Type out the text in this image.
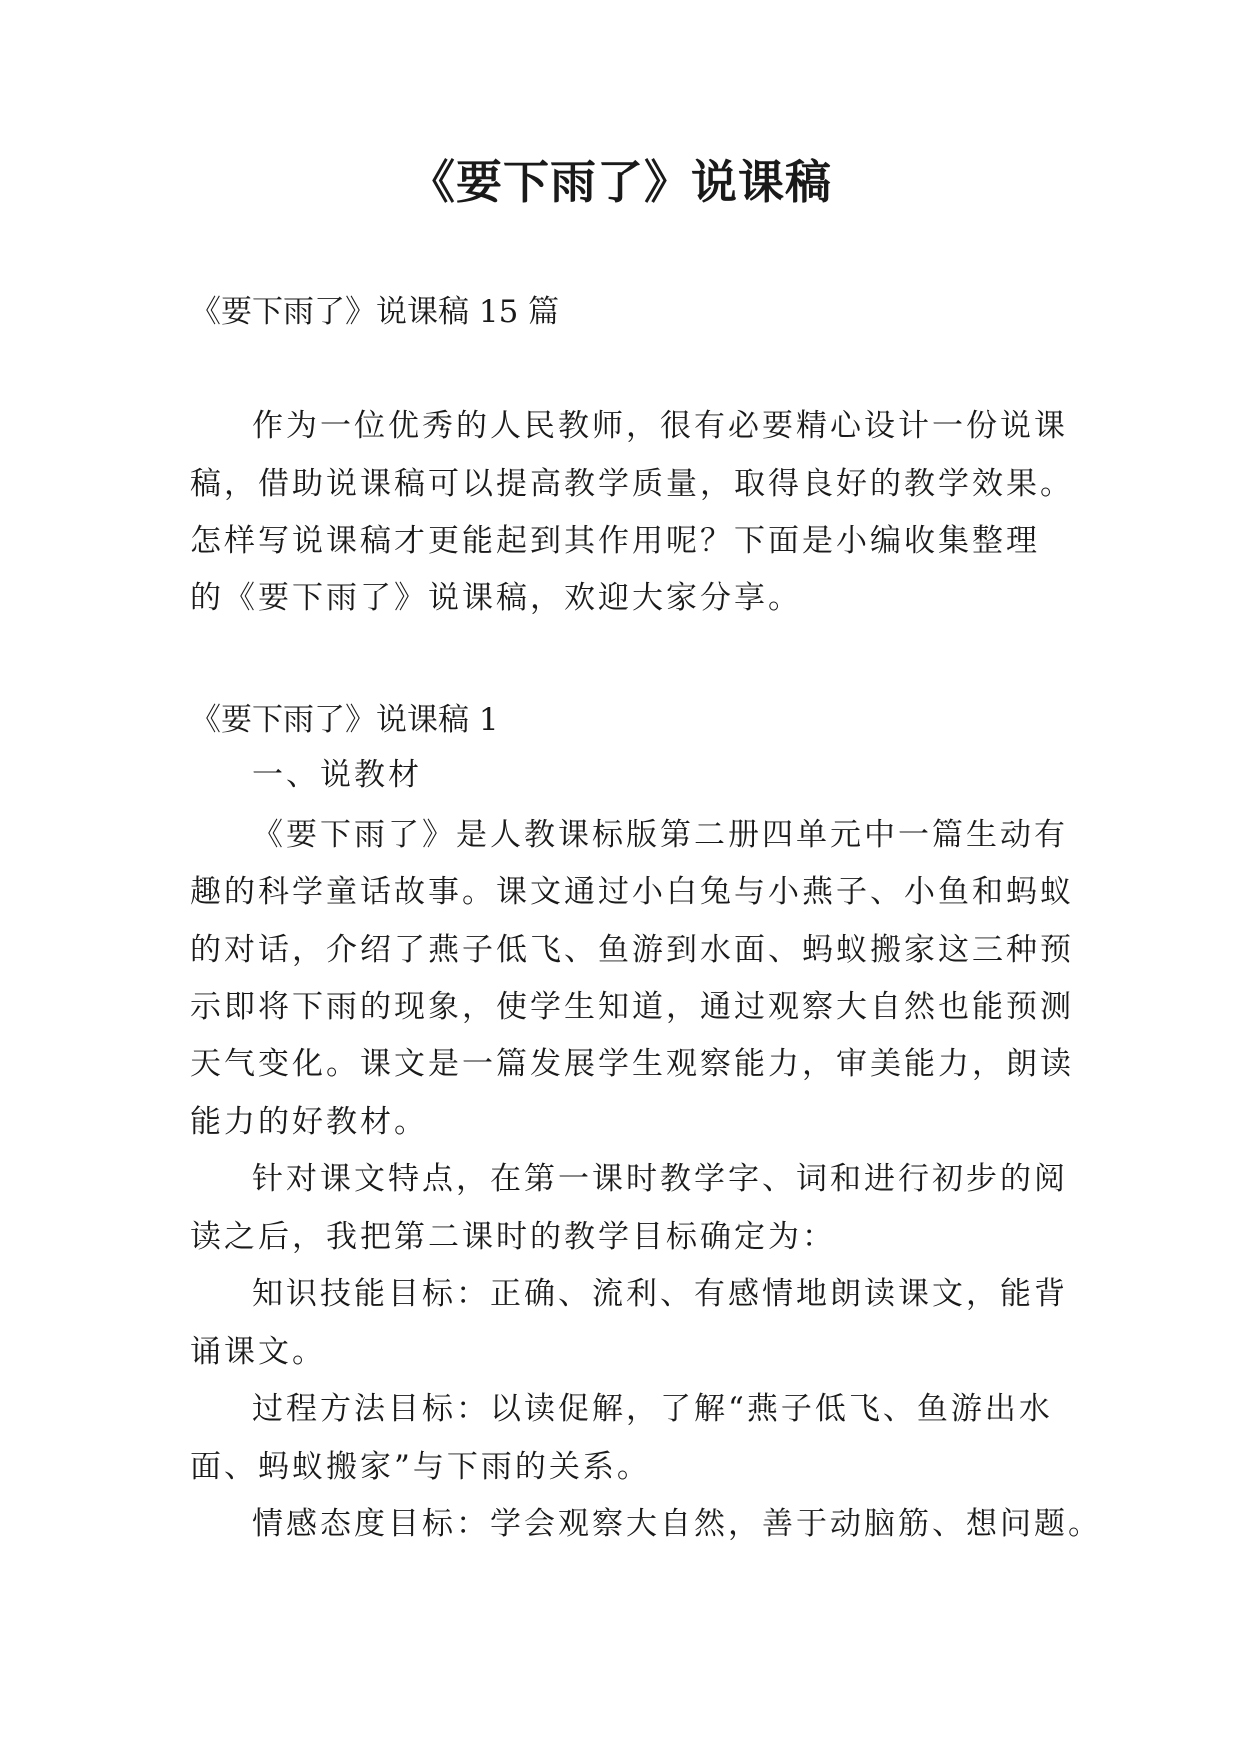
《要下雨了》说课稿

《要下雨了》说课稿 15 篇

作为一位优秀的人民教师，很有必要精心设计一份说课

稿，借助说课稿可以提高教学质量，取得良好的教学效果。

怎样写说课稿才更能起到其作用呢？下面是小编收集整理

的《要下雨了》说课稿，欢迎大家分享。

《要下雨了》说课稿 1

一、说教材

《要下雨了》是人教课标版第二册四单元中一篇生动有

趣的科学童话故事。课文通过小白兔与小燕子、小鱼和蚂蚁

的对话，介绍了燕子低飞、鱼游到水面、蚂蚁搬家这三种预

示即将下雨的现象，使学生知道，通过观察大自然也能预测

天气变化。课文是一篇发展学生观察能力，审美能力，朗读

能力的好教材。

针对课文特点，在第一课时教学字、词和进行初步的阅

读之后，我把第二课时的教学目标确定为：

知识技能目标：正确、流利、有感情地朗读课文，能背

诵课文。

过程方法目标：以读促解，了解“燕子低飞、鱼游出水

面、蚂蚁搬家”与下雨的关系。

情感态度目标：学会观察大自然，善于动脑筋、想问题。
